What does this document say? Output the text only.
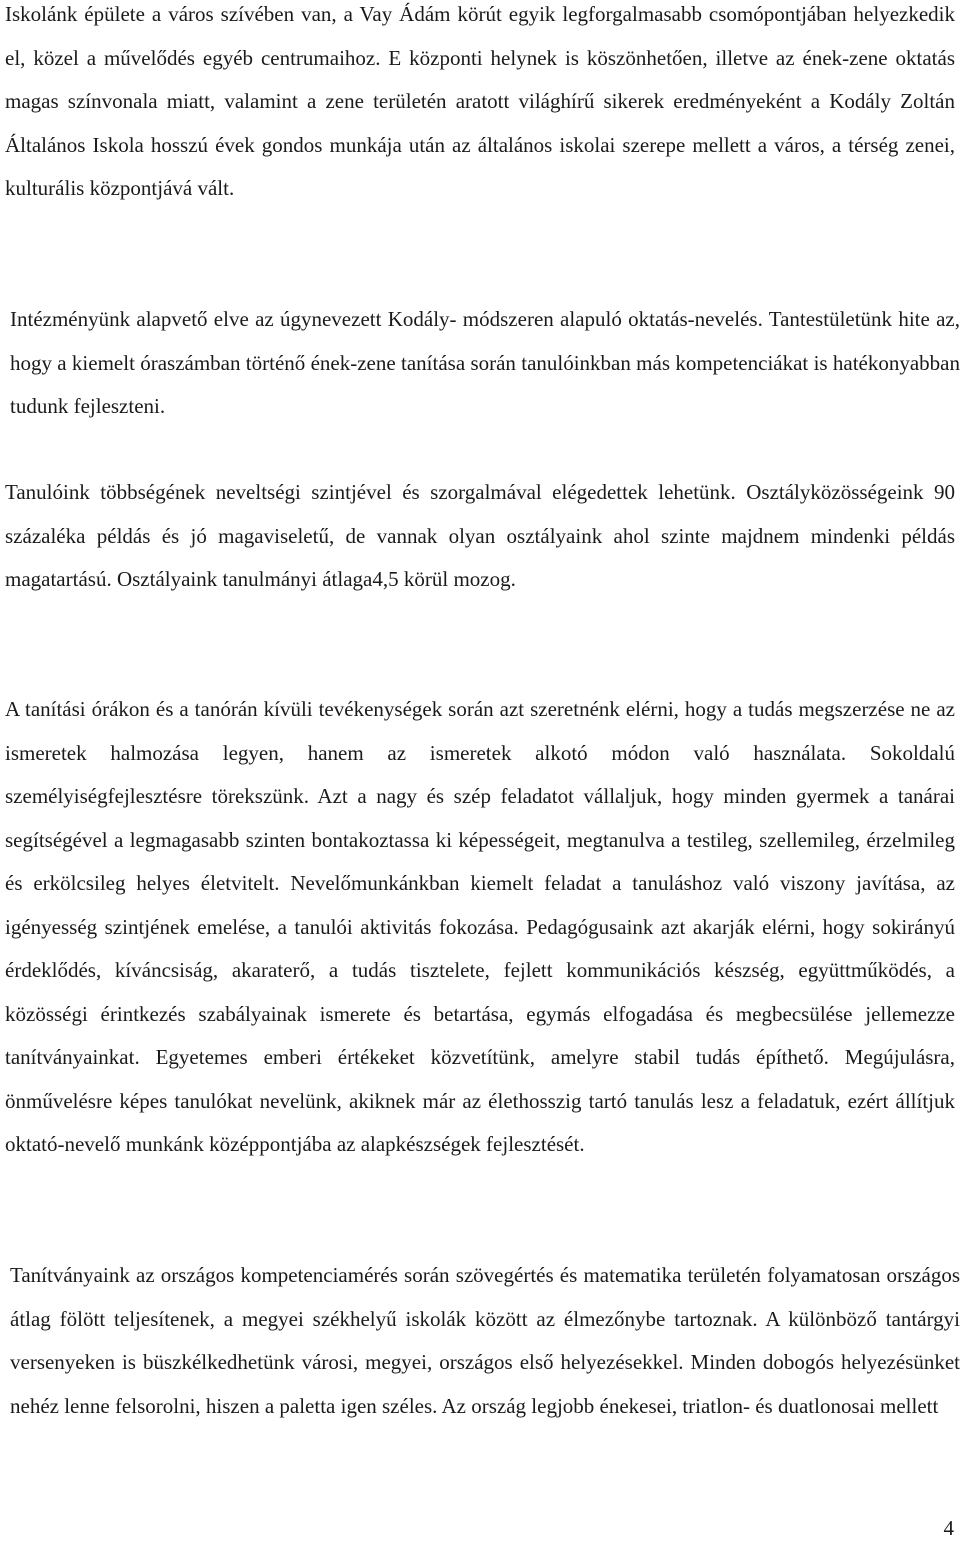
Iskolánk épülete a város szívében van, a Vay Ádám körút egyik legforgalmasabb csomópontjában helyezkedik el, közel a művelődés egyéb centrumaihoz. E központi helynek is köszönhetően, illetve az ének-zene oktatás magas színvonala miatt, valamint a zene területén aratott világhírű sikerek eredményeként a Kodály Zoltán Általános Iskola hosszú évek gondos munkája után az általános iskolai szerepe mellett a város, a térség zenei, kulturális központjává vált.

Intézményünk alapvető elve az úgynevezett Kodály- módszeren alapuló oktatás-nevelés. Tantestületünk hite az, hogy a kiemelt óraszámban történő ének-zene tanítása során tanulóinkban más kompetenciákat is hatékonyabban tudunk fejleszteni.

Tanulóink többségének neveltségi szintjével és szorgalmával elégedettek lehetünk. Osztályközösségeink 90 százaléka példás és jó magaviseletű, de vannak olyan osztályaink ahol szinte majdnem mindenki példás magatartású. Osztályaink tanulmányi átlaga4,5 körül mozog.

A tanítási órákon és a tanórán kívüli tevékenységek során azt szeretnénk elérni, hogy a tudás megszerzése ne az ismeretek halmozása legyen, hanem az ismeretek alkotó módon való használata. Sokoldalú személyiségfejlesztésre törekszünk. Azt a nagy és szép feladatot vállaljuk, hogy minden gyermek a tanárai segítségével a legmagasabb szinten bontakoztassa ki képességeit, megtanulva a testileg, szellemileg, érzelmileg és erkölcsileg helyes életvitelt. Nevelőmunkánkban kiemelt feladat a tanuláshoz való viszony javítása, az igényesség szintjének emelése, a tanulói aktivitás fokozása. Pedagógusaink azt akarják elérni, hogy sokirányú érdeklődés, kíváncsiság, akaraterő, a tudás tisztelete, fejlett kommunikációs készség, együttműködés, a közösségi érintkezés szabályainak ismerete és betartása, egymás elfogadása és megbecsülése jellemezze tanítványainkat. Egyetemes emberi értékeket közvetítünk, amelyre stabil tudás építhető. Megújulásra, önművelésre képes tanulókat nevelünk, akiknek már az élethosszig tartó tanulás lesz a feladatuk, ezért állítjuk oktató-nevelő munkánk középpontjába az alapkészségek fejlesztését.

Tanítványaink az országos kompetenciamérés során szövegértés és matematika területén folyamatosan országos átlag fölött teljesítenek, a megyei székhelyű iskolák között az élmezőnybe tartoznak. A különböző tantárgyi versenyeken is büszkélkedhetünk városi, megyei, országos első helyezésekkel. Minden dobogós helyezésünket nehéz lenne felsorolni, hiszen a paletta igen széles. Az ország legjobb énekesei, triatlon- és duatlonosai mellett

4
